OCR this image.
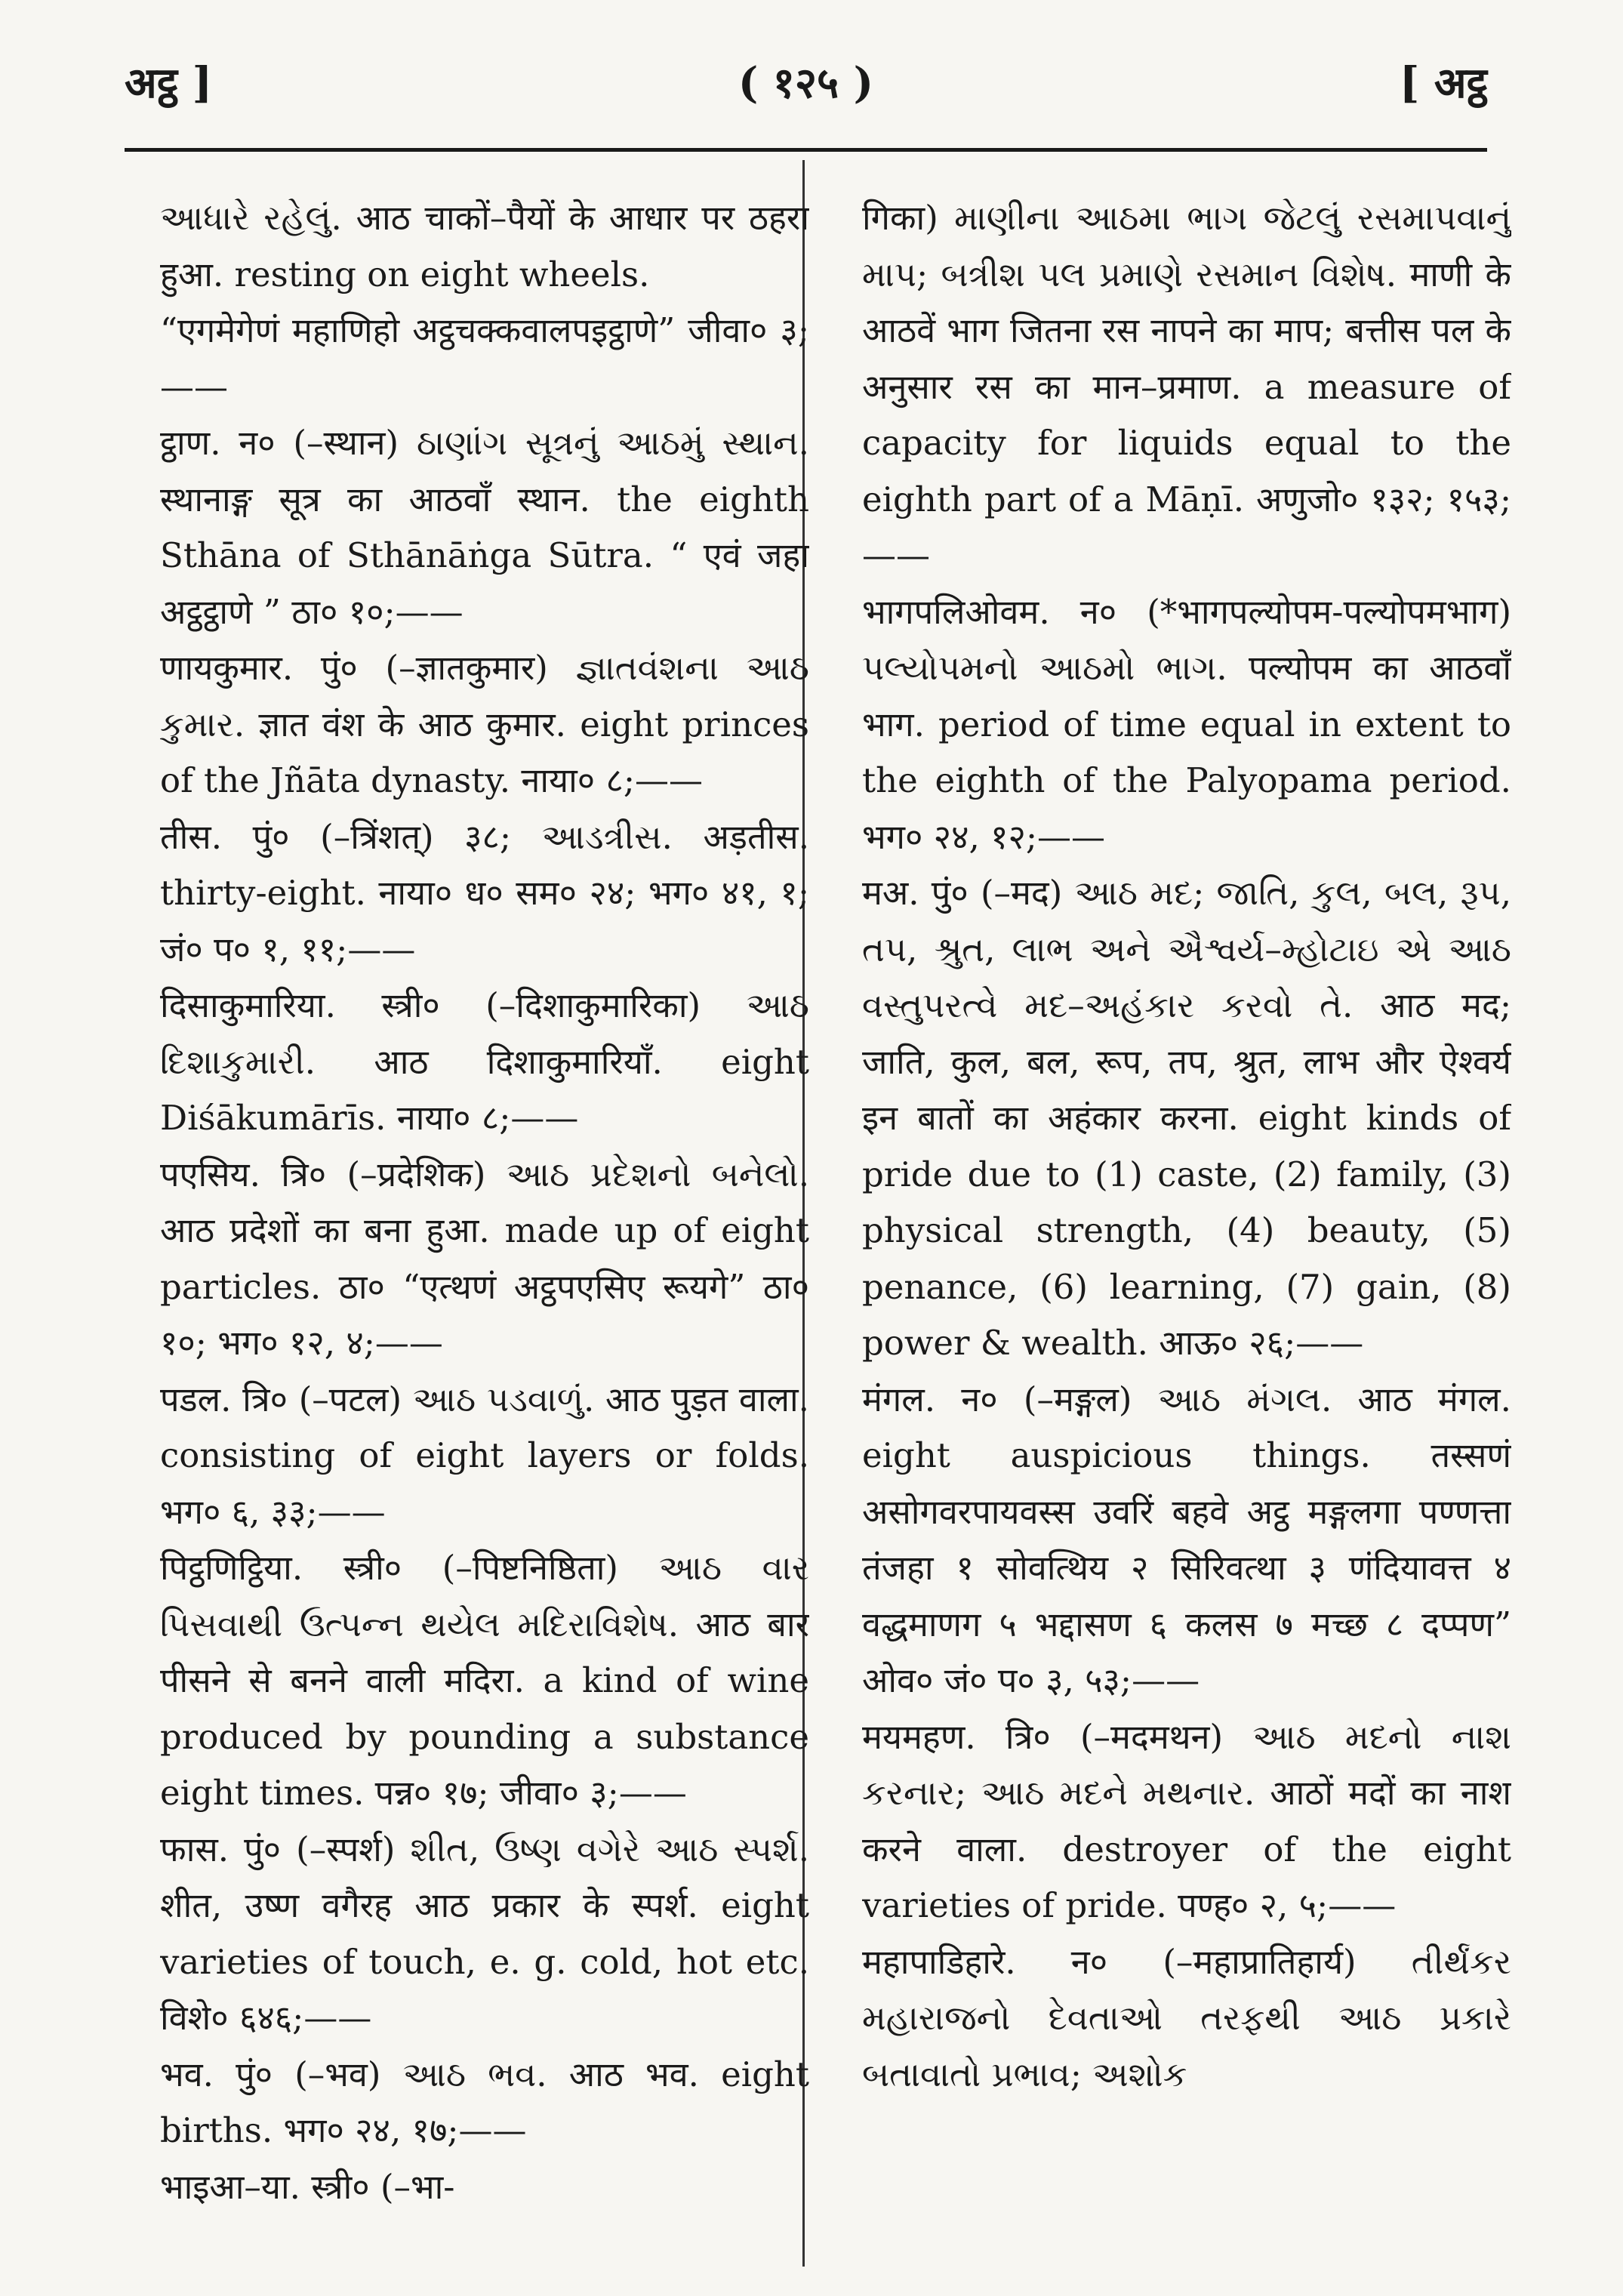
अट्ठ ]	( १२५ )	[ अट्ठ

આધારે રહેલું. आठ चाकों–पैयों के आधार पर ठहरा हुआ. resting on eight wheels.

“एगमेगेणं महाणिहो अट्ठचक्कवालपइट्ठाणे” जीवा० ३;——

ट्ठाण. न० (–स्थान) ઠાણાંગ સૂત્રનું આઠમું સ્થાન. स्थानाङ्ग सूत्र का आठवाँ स्थान. the eighth Sthāna of Sthānāṅga Sūtra. “ एवं जहा अट्ठट्ठाणे ” ठा० १०;——

णायकुमार. पुं० (–ज्ञातकुमार) જ્ઞાતવંશના આઠ કુમાર. ज्ञात वंश के आठ कुमार. eight princes of the Jñāta dynasty. नाया० ८;——

तीस. पुं० (–त्रिंशत्) ३८; આડત્રીસ. अड़तीस. thirty-eight. नाया० ध० सम० २४; भग० ४१, १; जं० प० १, ११;——

दिसाकुमारिया. स्त्री० (–दिशाकुमारिका) આઠ દિશાકુમારી. आठ दिशाकुमारियाँ. eight Diśākumārīs. नाया० ८;——

पएसिय. त्रि० (–प्रदेशिक) આઠ પ્રદેશનો બનેલો. आठ प्रदेशों का बना हुआ. made up of eight particles. ठा० “एत्थणं अट्ठपएसिए रूयगे” ठा० १०; भग० १२, ४;——

पडल. त्रि० (–पटल) આઠ પડવાળું. आठ पुड़त वाला. consisting of eight layers or folds. भग० ६, ३३;——

पिट्ठणिट्ठिया. स्त्री० (–पिष्टनिष्ठिता) આઠ વાર પિસવાથી ઉત્પન્ન થયેલ મદિરાવિશેષ. आठ बार पीसने से बनने वाली मदिरा. a kind of wine produced by pounding a substance eight times. पन्न० १७; जीवा० ३;——

फास. पुं० (–स्पर्श) શીત, ઉષ્ણ વગેરે આઠ સ્પર્શ. शीत, उष्ण वगैरह आठ प्रकार के स्पर्श. eight varieties of touch, e. g. cold, hot etc. विशे० ६४६;——

भव. पुं० (–भव) આઠ ભવ. आठ भव. eight births. भग० २४, १७;——

भाइआ–या. स्त्री० (–भा-

गिका) માણીના આઠમા ભાગ જેટલું રસમાપવાનું માપ; બત્રીશ પલ પ્રમાણે રસમાન વિશેષ. माणी के आठवें भाग जितना रस नापने का माप; बत्तीस पल के अनुसार रस का मान–प्रमाण. a measure of capacity for liquids equal to the eighth part of a Māṇī. अणुजो० १३२; १५३;——

भागपलिओवम. न० (*भागपल्योपम-पल्योपमभाग) પલ્યોપમનો આઠમો ભાગ. पल्योपम का आठवाँ भाग. period of time equal in extent to the eighth of the Palyopama period. भग० २४, १२;——

मअ. पुं० (–मद) આઠ મદ; જાતિ, કુલ, બલ, રૂપ, તપ, શ્રુત, લાભ અને ઐશ્વર્ય–મ્હોટાઇ એ આઠ વસ્તુપરત્વે મદ–અહંકાર કરવો તે. आठ मद; जाति, कुल, बल, रूप, तप, श्रुत, लाभ और ऐश्वर्य इन बातों का अहंकार करना. eight kinds of pride due to (1) caste, (2) family, (3) physical strength, (4) beauty, (5) penance, (6) learning, (7) gain, (8) power & wealth. आऊ० २६;——

मंगल. न० (–मङ्गल) આઠ મંગલ. आठ मंगल. eight auspicious things. तस्सणं असोगवरपायवस्स उवरिं बहवे अट्ठ मङ्गलगा पण्णत्ता तंजहा १ सोवत्थिय २ सिरिवत्था ३ णंदियावत्त ४ वद्धमाणग ५ भद्दासण ६ कलस ७ मच्छ ८ दप्पण” ओव० जं० प० ३, ५३;——

मयमहण. त्रि० (–मदमथन) આઠ મદનો નાશ કરનાર; આઠ મદને મથનાર. आठों मदों का नाश करने वाला. destroyer of the eight varieties of pride. पण्ह० २, ५;——

महापाडिहारे. न० (–महाप्रातिहार्य) તીર્થંકર મહારાજનો દેવતાઓ તરફથી આઠ પ્રકારે બતાવાતો પ્રભાવ; અશોક
